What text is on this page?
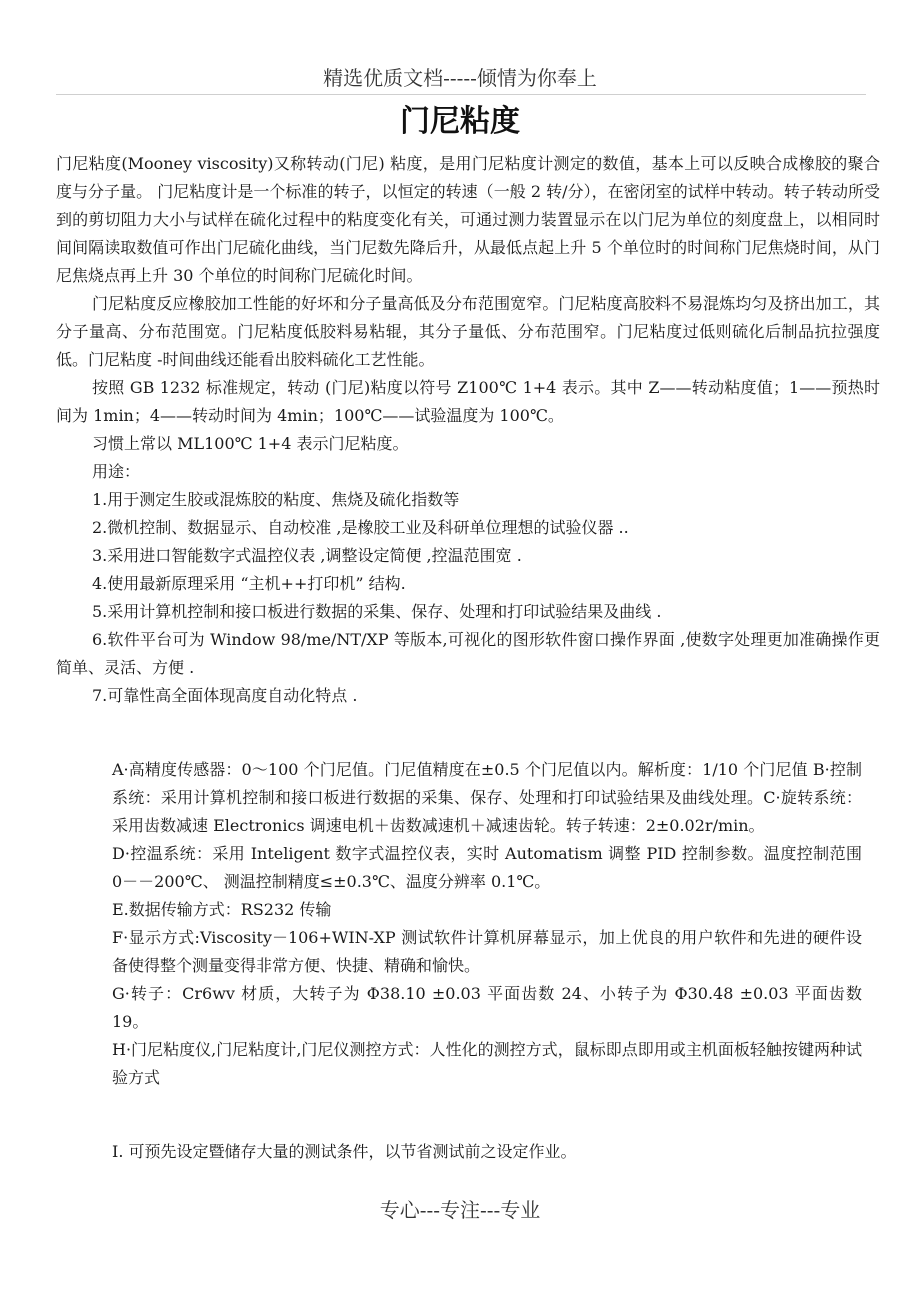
精选优质文档-----倾情为你奉上
门尼粘度

门尼粘度(Mooney viscosity)又称转动(门尼) 粘度，是用门尼粘度计测定的数值，基本上可以反映合成橡胶的聚合度与分子量。 门尼粘度计是一个标准的转子，以恒定的转速（一般 2 转/分），在密闭室的试样中转动。转子转动所受到的剪切阻力大小与试样在硫化过程中的粘度变化有关，可通过测力装置显示在以门尼为单位的刻度盘上，以相同时间间隔读取数值可作出门尼硫化曲线，当门尼数先降后升，从最低点起上升 5 个单位时的时间称门尼焦烧时间，从门尼焦烧点再上升 30 个单位的时间称门尼硫化时间。

门尼粘度反应橡胶加工性能的好坏和分子量高低及分布范围宽窄。门尼粘度高胶料不易混炼均匀及挤出加工，其分子量高、分布范围宽。门尼粘度低胶料易粘辊，其分子量低、分布范围窄。门尼粘度过低则硫化后制品抗拉强度低。门尼粘度 -时间曲线还能看出胶料硫化工艺性能。

按照 GB 1232 标准规定，转动 (门尼)粘度以符号 Z100℃ 1+4 表示。其中 Z——转动粘度值；1——预热时间为 1min；4——转动时间为 4min；100℃——试验温度为 100℃。

习惯上常以 ML100℃ 1+4 表示门尼粘度。

用途：

1.用于测定生胶或混炼胶的粘度、焦烧及硫化指数等

2.微机控制、数据显示、自动校准 ,是橡胶工业及科研单位理想的试验仪器 ..

3.采用进口智能数字式温控仪表 ,调整设定简便 ,控温范围宽 .

4.使用最新原理采用 “主机++打印机” 结构.

5.采用计算机控制和接口板进行数据的采集、保存、处理和打印试验结果及曲线 .

6.软件平台可为 Window 98/me/NT/XP 等版本,可视化的图形软件窗口操作界面 ,使数字处理更加准确操作更简单、灵活、方便 .

7.可靠性高全面体现高度自动化特点 .

A·高精度传感器：0～100 个门尼值。门尼值精度在±0.5 个门尼值以内。解析度：1/10 个门尼值 B·控制系统：采用计算机控制和接口板进行数据的采集、保存、处理和打印试验结果及曲线处理。C·旋转系统：采用齿数减速 Electronics 调速电机＋齿数减速机＋减速齿轮。转子转速：2±0.02r/min。

D·控温系统：采用 Inteligent 数字式温控仪表，实时 Automatism 调整 PID 控制参数。温度控制范围 0－－200℃、 测温控制精度≤±0.3℃、温度分辨率 0.1℃。

E.数据传输方式：RS232 传输

F·显示方式:Viscosity－106+WIN-XP 测试软件计算机屏幕显示，加上优良的用户软件和先进的硬件设备使得整个测量变得非常方便、快捷、精确和愉快。

G·转子：Cr6wv 材质，大转子为 Φ38.10 ±0.03 平面齿数 24、小转子为 Φ30.48 ±0.03 平面齿数 19。

H·门尼粘度仪,门尼粘度计,门尼仪测控方式：人性化的测控方式，鼠标即点即用或主机面板轻触按键两种试验方式

I. 可预先设定暨储存大量的测试条件，以节省测试前之设定作业。
专心---专注---专业
